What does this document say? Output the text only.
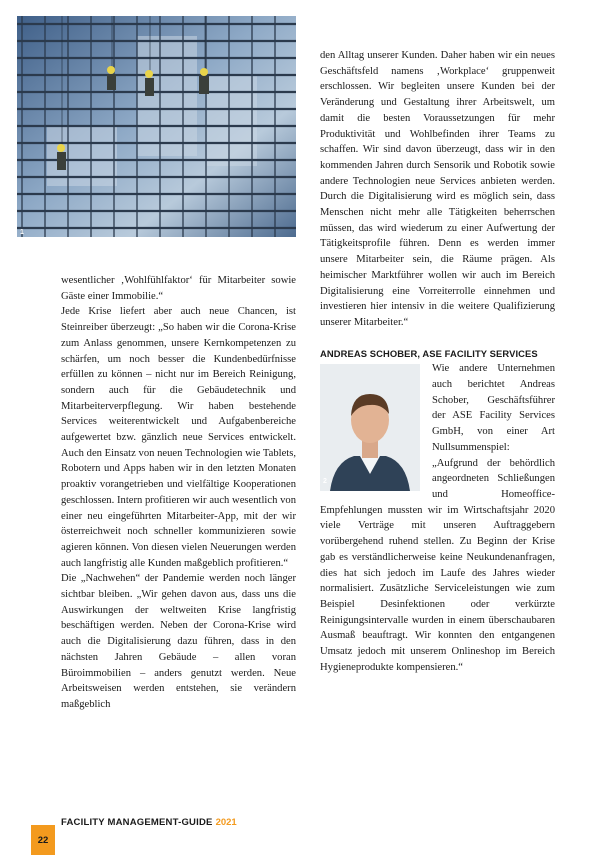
1

wesentlicher ‚Wohlfühlfaktor‘ für Mitarbeiter sowie Gäste einer Immobilie.“

Jede Krise liefert aber auch neue Chancen, ist Steinreiber überzeugt: „So haben wir die Corona-Krise zum Anlass genommen, unsere Kernkompetenzen zu schärfen, um noch besser die Kundenbedürfnisse erfüllen zu können – nicht nur im Bereich Reinigung, sondern auch für die Gebäudetechnik und Mitarbeiterverpflegung. Wir haben bestehende Services weiterentwickelt und Aufgabenbereiche aufgewertet bzw. gänzlich neue Services entwickelt. Auch den Einsatz von neuen Technologien wie Tablets, Robotern und Apps haben wir in den letzten Monaten proaktiv vorangetrieben und vielfältige Kooperationen geschlossen. Intern profitieren wir auch wesentlich von einer neu eingeführten Mitarbeiter-App, mit der wir österreichweit noch schneller kommunizieren sowie agieren können. Von diesen vielen Neuerungen werden auch langfristig alle Kunden maßgeblich profitieren.“

Die „Nachwehen“ der Pandemie werden noch länger sichtbar bleiben. „Wir gehen davon aus, dass uns die Auswirkungen der weltweiten Krise langfristig beschäftigen werden. Neben der Corona-Krise wird auch die Digitalisierung dazu führen, dass in den nächsten Jahren Gebäude – allen voran Büroimmobilien – anders genutzt werden. Neue Arbeitsweisen werden entstehen, sie verändern maßgeblich

den Alltag unserer Kunden. Daher haben wir ein neues Geschäftsfeld namens ‚Workplace‘ gruppenweit erschlossen. Wir begleiten unsere Kunden bei der Veränderung und Gestaltung ihrer Arbeitswelt, um damit die besten Voraussetzungen für mehr Produktivität und Wohlbefinden ihrer Teams zu schaffen. Wir sind davon überzeugt, dass wir in den kommenden Jahren durch Sensorik und Robotik sowie andere Technologien neue Services anbieten werden. Durch die Digitalisierung wird es möglich sein, dass Menschen nicht mehr alle Tätigkeiten beherrschen müssen, das wird wiederum zu einer Aufwertung der Tätigkeitsprofile führen. Denn es werden immer unsere Mitarbeiter sein, die Räume prägen. Als heimischer Marktführer wollen wir auch im Bereich Digitalisierung eine Vorreiterrolle einnehmen und investieren hier intensiv in die weitere Qualifizierung unserer Mitarbeiter.“

ANDREAS SCHOBER, ASE FACILITY SERVICES

2
Wie andere Unternehmen auch berichtet Andreas Schober, Geschäftsführer der ASE Facility Services GmbH, von einer Art Nullsummenspiel: „Aufgrund der behördlich angeordneten Schließungen und Homeoffice-Empfehlungen mussten wir im Wirtschaftsjahr 2020 viele Verträge mit unseren Auftraggebern vorübergehend ruhend stellen. Zu Beginn der Krise gab es verständlicherweise keine Neukundenanfragen, dies hat sich jedoch im Laufe des Jahres wieder normalisiert. Zusätzliche Serviceleistungen wie zum Beispiel Desinfektionen oder verkürzte Reinigungsintervalle wurden in einem überschaubaren Ausmaß beauftragt. Wir konnten den entgangenen Umsatz jedoch mit unserem Onlineshop im Bereich Hygieneprodukte kompensieren.“

22
FACILITY MANAGEMENT-GUIDE 2021
